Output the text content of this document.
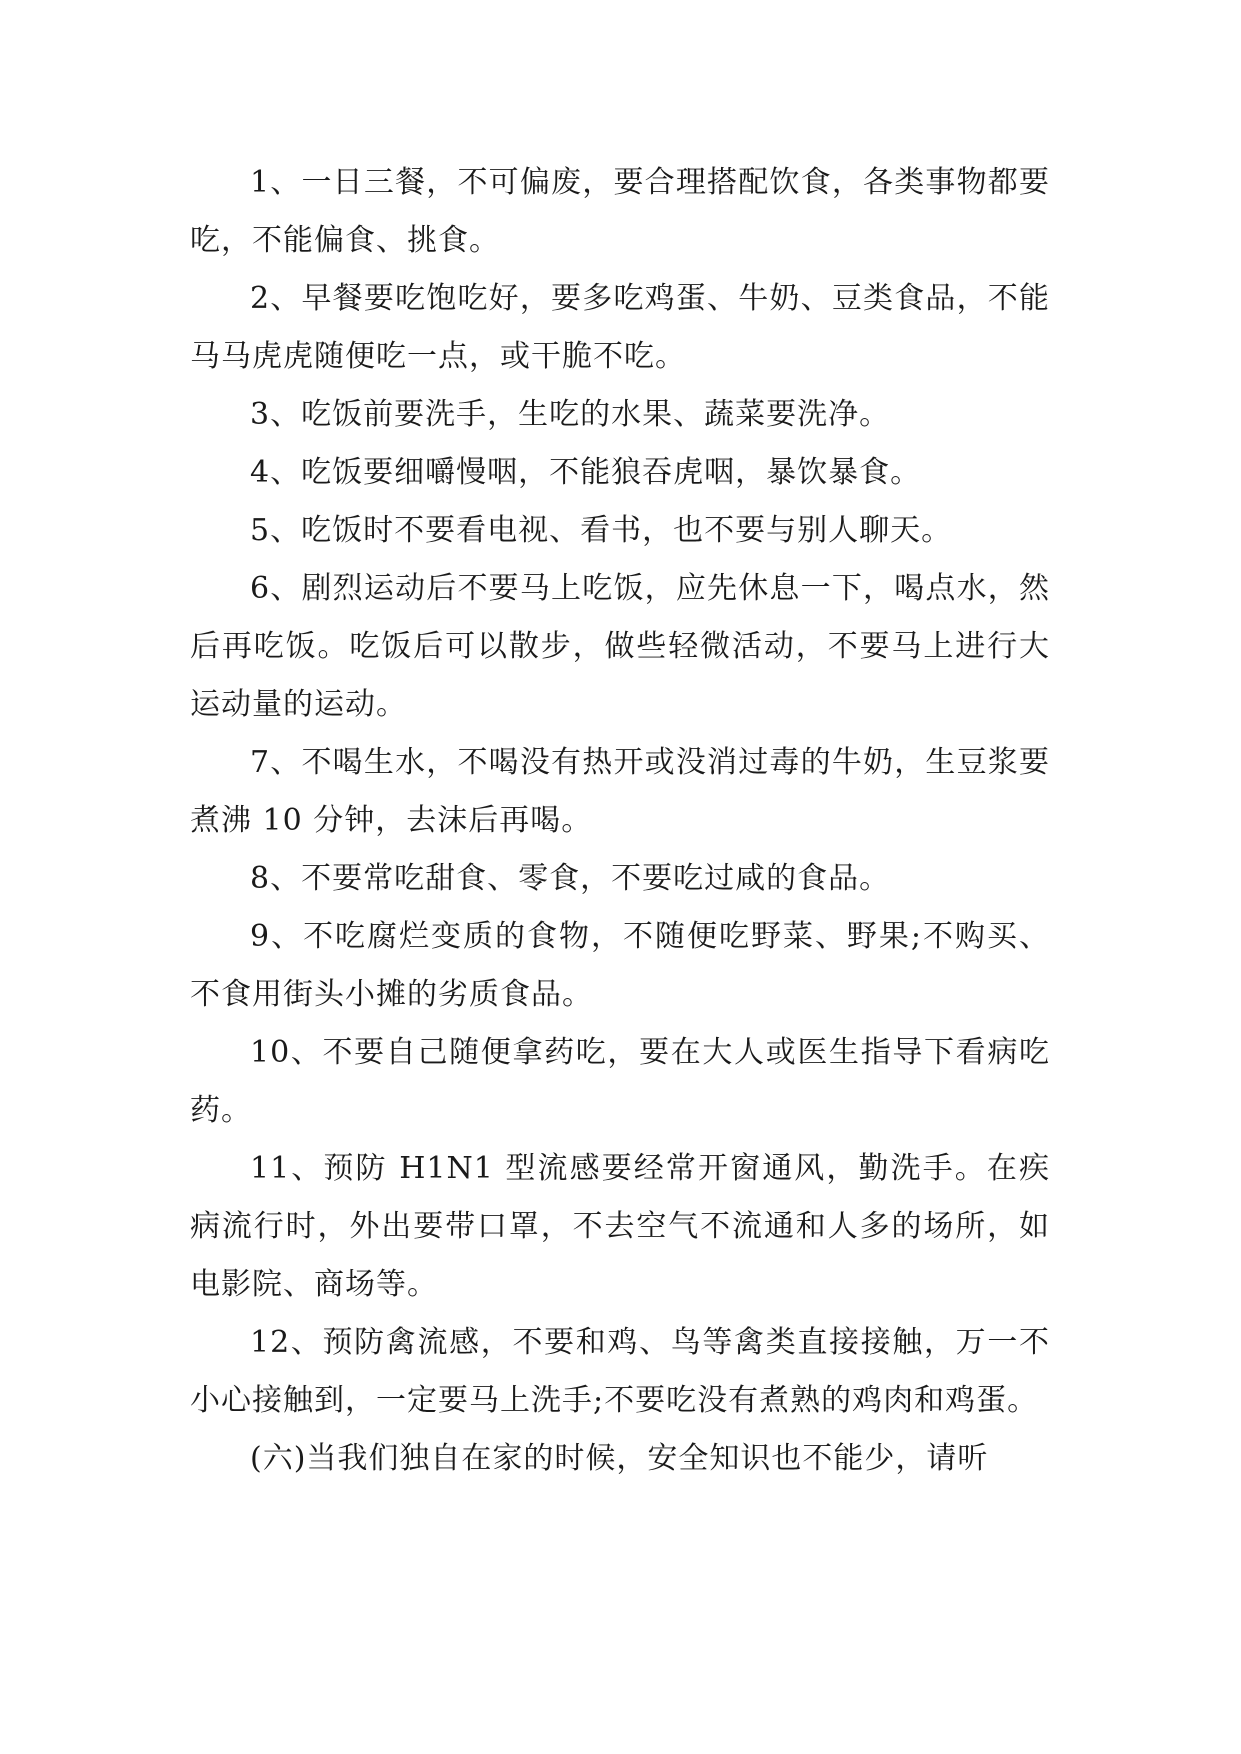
1、一日三餐，不可偏废，要合理搭配饮食，各类事物都要吃，不能偏食、挑食。

2、早餐要吃饱吃好，要多吃鸡蛋、牛奶、豆类食品，不能马马虎虎随便吃一点，或干脆不吃。

3、吃饭前要洗手，生吃的水果、蔬菜要洗净。

4、吃饭要细嚼慢咽，不能狼吞虎咽，暴饮暴食。

5、吃饭时不要看电视、看书，也不要与别人聊天。

6、剧烈运动后不要马上吃饭，应先休息一下，喝点水，然后再吃饭。吃饭后可以散步，做些轻微活动，不要马上进行大运动量的运动。

7、不喝生水，不喝没有热开或没消过毒的牛奶，生豆浆要煮沸 10 分钟，去沫后再喝。

8、不要常吃甜食、零食，不要吃过咸的食品。

9、不吃腐烂变质的食物，不随便吃野菜、野果;不购买、不食用街头小摊的劣质食品。

10、不要自己随便拿药吃，要在大人或医生指导下看病吃药。

11、预防 H1N1 型流感要经常开窗通风，勤洗手。在疾病流行时，外出要带口罩，不去空气不流通和人多的场所，如电影院、商场等。

12、预防禽流感，不要和鸡、鸟等禽类直接接触，万一不小心接触到，一定要马上洗手;不要吃没有煮熟的鸡肉和鸡蛋。

(六)当我们独自在家的时候，安全知识也不能少，请听
